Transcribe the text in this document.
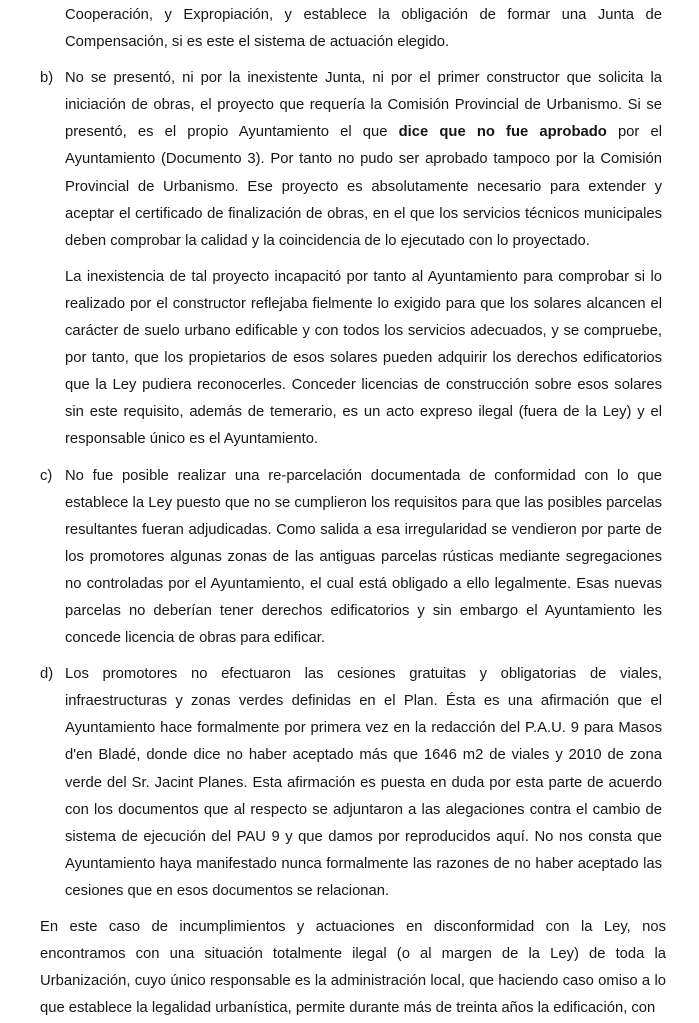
Cooperación, y Expropiación, y establece la obligación de formar una Junta de Compensación, si es este el sistema de actuación elegido.

b) No se presentó, ni por la inexistente Junta, ni por el primer constructor que solicita la iniciación de obras, el proyecto que requería la Comisión Provincial de Urbanismo. Si se presentó, es el propio Ayuntamiento el que dice que no fue aprobado por el Ayuntamiento (Documento 3). Por tanto no pudo ser aprobado tampoco por la Comisión Provincial de Urbanismo. Ese proyecto es absolutamente necesario para extender y aceptar el certificado de finalización de obras, en el que los servicios técnicos municipales deben comprobar la calidad y la coincidencia de lo ejecutado con lo proyectado.

La inexistencia de tal proyecto incapacitó por tanto al Ayuntamiento para comprobar si lo realizado por el constructor reflejaba fielmente lo exigido para que los solares alcancen el carácter de suelo urbano edificable y con todos los servicios adecuados, y se compruebe, por tanto, que los propietarios de esos solares pueden adquirir los derechos edificatorios que la Ley pudiera reconocerles. Conceder licencias de construcción sobre esos solares sin este requisito, además de temerario, es un acto expreso ilegal (fuera de la Ley) y el responsable único es el Ayuntamiento.

c) No fue posible realizar una re-parcelación documentada de conformidad con lo que establece la Ley puesto que no se cumplieron los requisitos para que las posibles parcelas resultantes fueran adjudicadas. Como salida a esa irregularidad se vendieron por parte de los promotores algunas zonas de las antiguas parcelas rústicas mediante segregaciones no controladas por el Ayuntamiento, el cual está obligado a ello legalmente. Esas nuevas parcelas no deberían tener derechos edificatorios y sin embargo el Ayuntamiento les concede licencia de obras para edificar.

d) Los promotores no efectuaron las cesiones gratuitas y obligatorias de viales, infraestructuras y zonas verdes definidas en el Plan. Ésta es una afirmación que el Ayuntamiento hace formalmente por primera vez en la redacción del P.A.U. 9 para Masos d'en Bladé, donde dice no haber aceptado más que 1646 m2 de viales y 2010 de zona verde del Sr. Jacint Planes. Esta afirmación es puesta en duda por esta parte de acuerdo con los documentos que al respecto se adjuntaron a las alegaciones contra el cambio de sistema de ejecución del PAU 9 y que damos por reproducidos aquí. No nos consta que Ayuntamiento haya manifestado nunca formalmente las razones de no haber aceptado las cesiones que en esos documentos se relacionan.

En este caso de incumplimientos y actuaciones en disconformidad con la Ley, nos encontramos con una situación totalmente ilegal (o al margen de la Ley) de toda la Urbanización, cuyo único responsable es la administración local, que haciendo caso omiso a lo que establece la legalidad urbanística, permite durante más de treinta años la edificación, con
